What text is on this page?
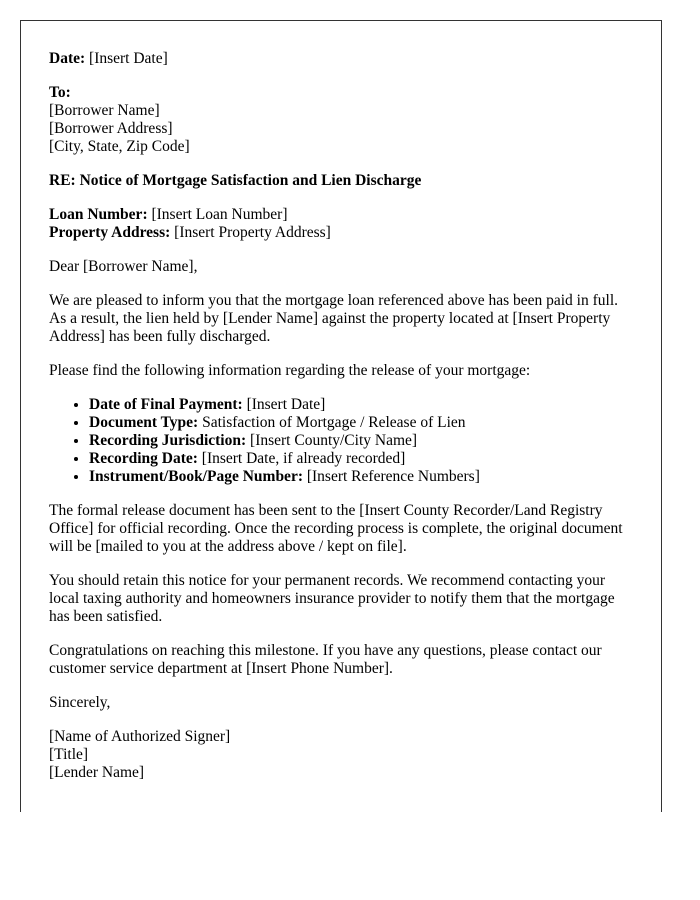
Date: [Insert Date]

To:
[Borrower Name]
[Borrower Address]
[City, State, Zip Code]

RE: Notice of Mortgage Satisfaction and Lien Discharge

Loan Number: [Insert Loan Number]
Property Address: [Insert Property Address]

Dear [Borrower Name],

We are pleased to inform you that the mortgage loan referenced above has been paid in full. As a result, the lien held by [Lender Name] against the property located at [Insert Property Address] has been fully discharged.

Please find the following information regarding the release of your mortgage:

• Date of Final Payment: [Insert Date]
• Document Type: Satisfaction of Mortgage / Release of Lien
• Recording Jurisdiction: [Insert County/City Name]
• Recording Date: [Insert Date, if already recorded]
• Instrument/Book/Page Number: [Insert Reference Numbers]

The formal release document has been sent to the [Insert County Recorder/Land Registry Office] for official recording. Once the recording process is complete, the original document will be [mailed to you at the address above / kept on file].

You should retain this notice for your permanent records. We recommend contacting your local taxing authority and homeowners insurance provider to notify them that the mortgage has been satisfied.

Congratulations on reaching this milestone. If you have any questions, please contact our customer service department at [Insert Phone Number].

Sincerely,

[Name of Authorized Signer]
[Title]
[Lender Name]
